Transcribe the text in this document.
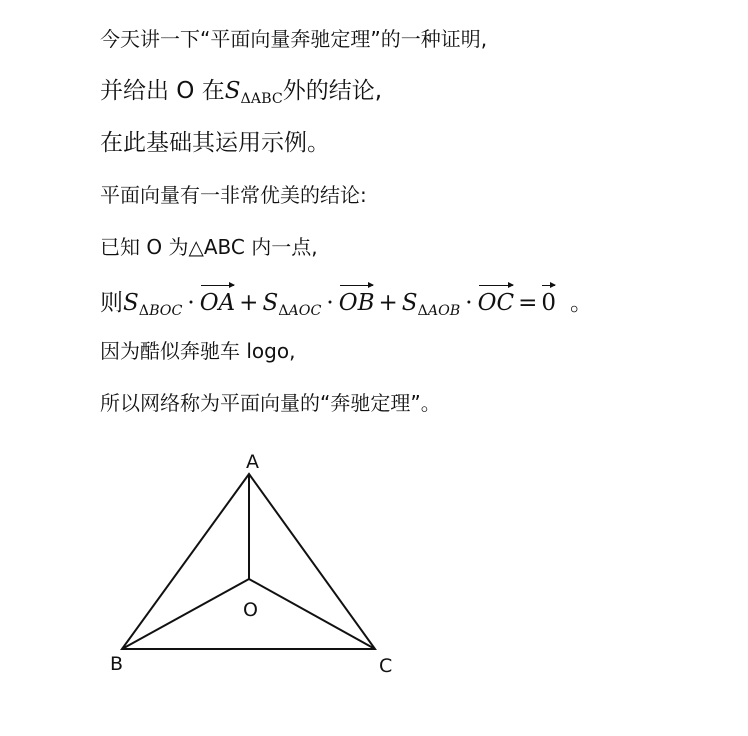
今天讲一下“平面向量奔驰定理”的一种证明,
并给出 O 在$S_{\Delta ABC}$外的结论,
在此基础其运用示例。
平面向量有一非常优美的结论:
已知 O 为△ABC 内一点,
则$S_{\Delta BOC}$ · OA + $S_{\Delta AOC}$ · OB + $S_{\Delta AOB}$ · OC = 0 。
因为酷似奔驰车 logo,
所以网络称为平面向量的“奔驰定理”。
A
B	C
O
